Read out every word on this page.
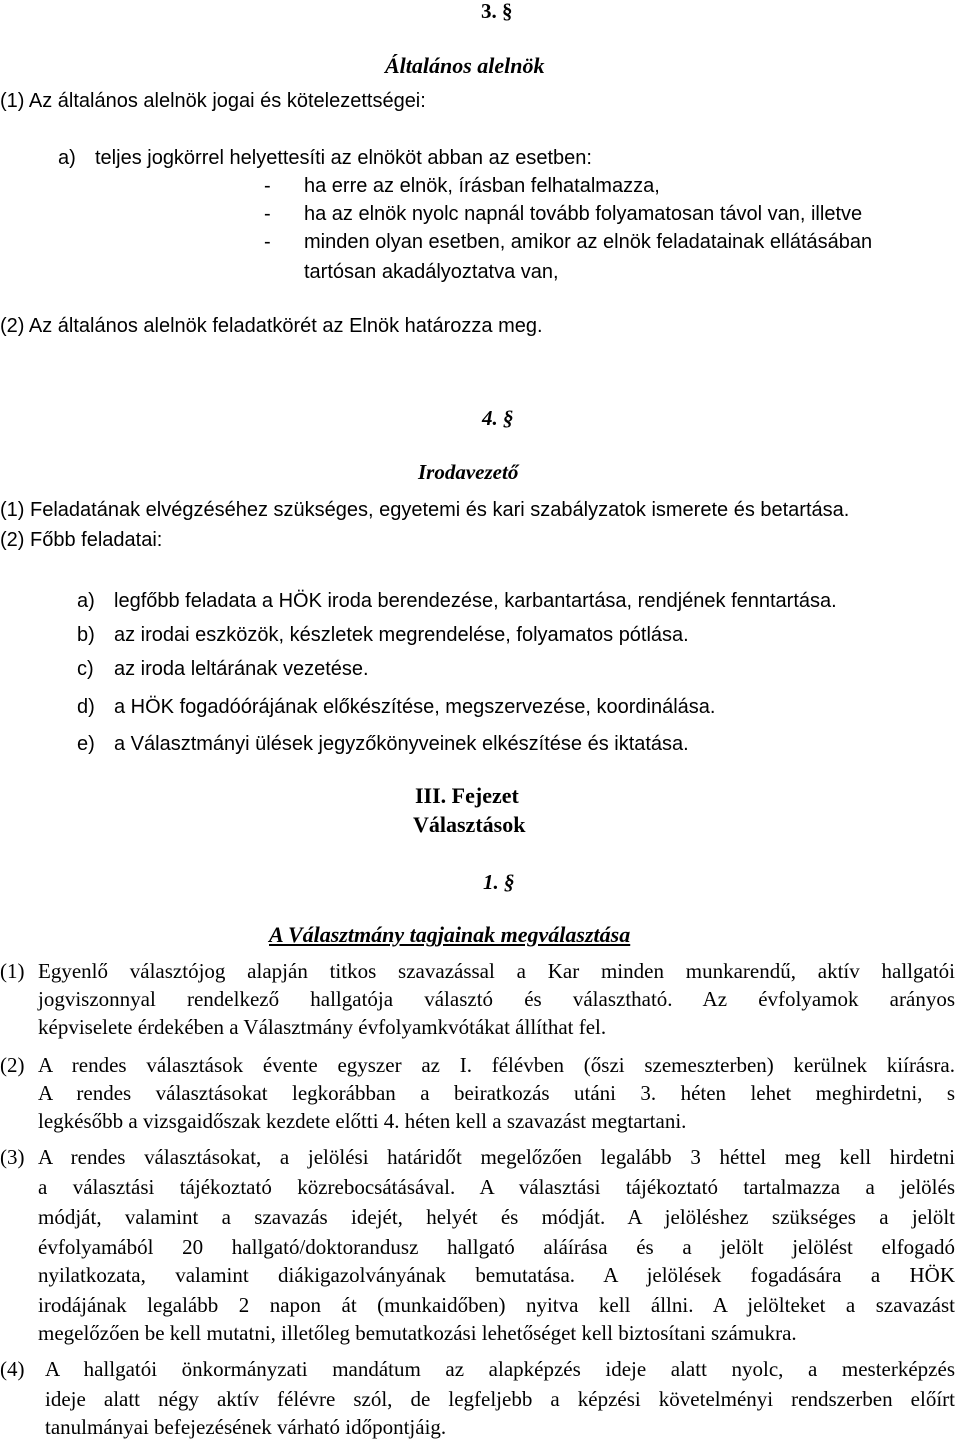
3. §
Általános alelnök
(1) Az általános alelnök jogai és kötelezettségei:
a) teljes jogkörrel helyettesíti az elnököt abban az esetben:
- ha erre az elnök, írásban felhatalmazza,
- ha az elnök nyolc napnál tovább folyamatosan távol van, illetve
- minden olyan esetben, amikor az elnök feladatainak ellátásában
tartósan akadályoztatva van,
(2) Az általános alelnök feladatkörét az Elnök határozza meg.
4. §
Irodavezető
(1) Feladatának elvégzéséhez szükséges, egyetemi és kari szabályzatok ismerete és betartása.
(2) Főbb feladatai:
a) legfőbb feladata a HÖK iroda berendezése, karbantartása, rendjének fenntartása.
b) az irodai eszközök, készletek megrendelése, folyamatos pótlása.
c) az iroda leltárának vezetése.
d) a HÖK fogadóórájának előkészítése, megszervezése, koordinálása.
e) a Választmányi ülések jegyzőkönyveinek elkészítése és iktatása.
III. Fejezet
Választások
1. §
A Választmány tagjainak megválasztása
(1) Egyenlő választójog alapján titkos szavazással a Kar minden munkarendű, aktív hallgatói
jogviszonnyal rendelkező hallgatója választó és választható. Az évfolyamok arányos
képviselete érdekében a Választmány évfolyamkvótákat állíthat fel.
(2) A rendes választások évente egyszer az I. félévben (őszi szemeszterben) kerülnek kiírásra.
A rendes választásokat legkorábban a beiratkozás utáni 3. héten lehet meghirdetni, s
legkésőbb a vizsgaidőszak kezdete előtti 4. héten kell a szavazást megtartani.
(3) A rendes választásokat, a jelölési határidőt megelőzően legalább 3 héttel meg kell hirdetni
a választási tájékoztató közrebocsátásával. A választási tájékoztató tartalmazza a jelölés
módját, valamint a szavazás idejét, helyét és módját. A jelöléshez szükséges a jelölt
évfolyamából 20 hallgató/doktorandusz hallgató aláírása és a jelölt jelölést elfogadó
nyilatkozata, valamint diákigazolványának bemutatása. A jelölések fogadására a HÖK
irodájának legalább 2 napon át (munkaidőben) nyitva kell állni. A jelölteket a szavazást
megelőzően be kell mutatni, illetőleg bemutatkozási lehetőséget kell biztosítani számukra.
(4) A hallgatói önkormányzati mandátum az alapképzés ideje alatt nyolc, a mesterképzés
ideje alatt négy aktív félévre szól, de legfeljebb a képzési követelményi rendszerben előírt
tanulmányai befejezésének várható időpontjáig.
